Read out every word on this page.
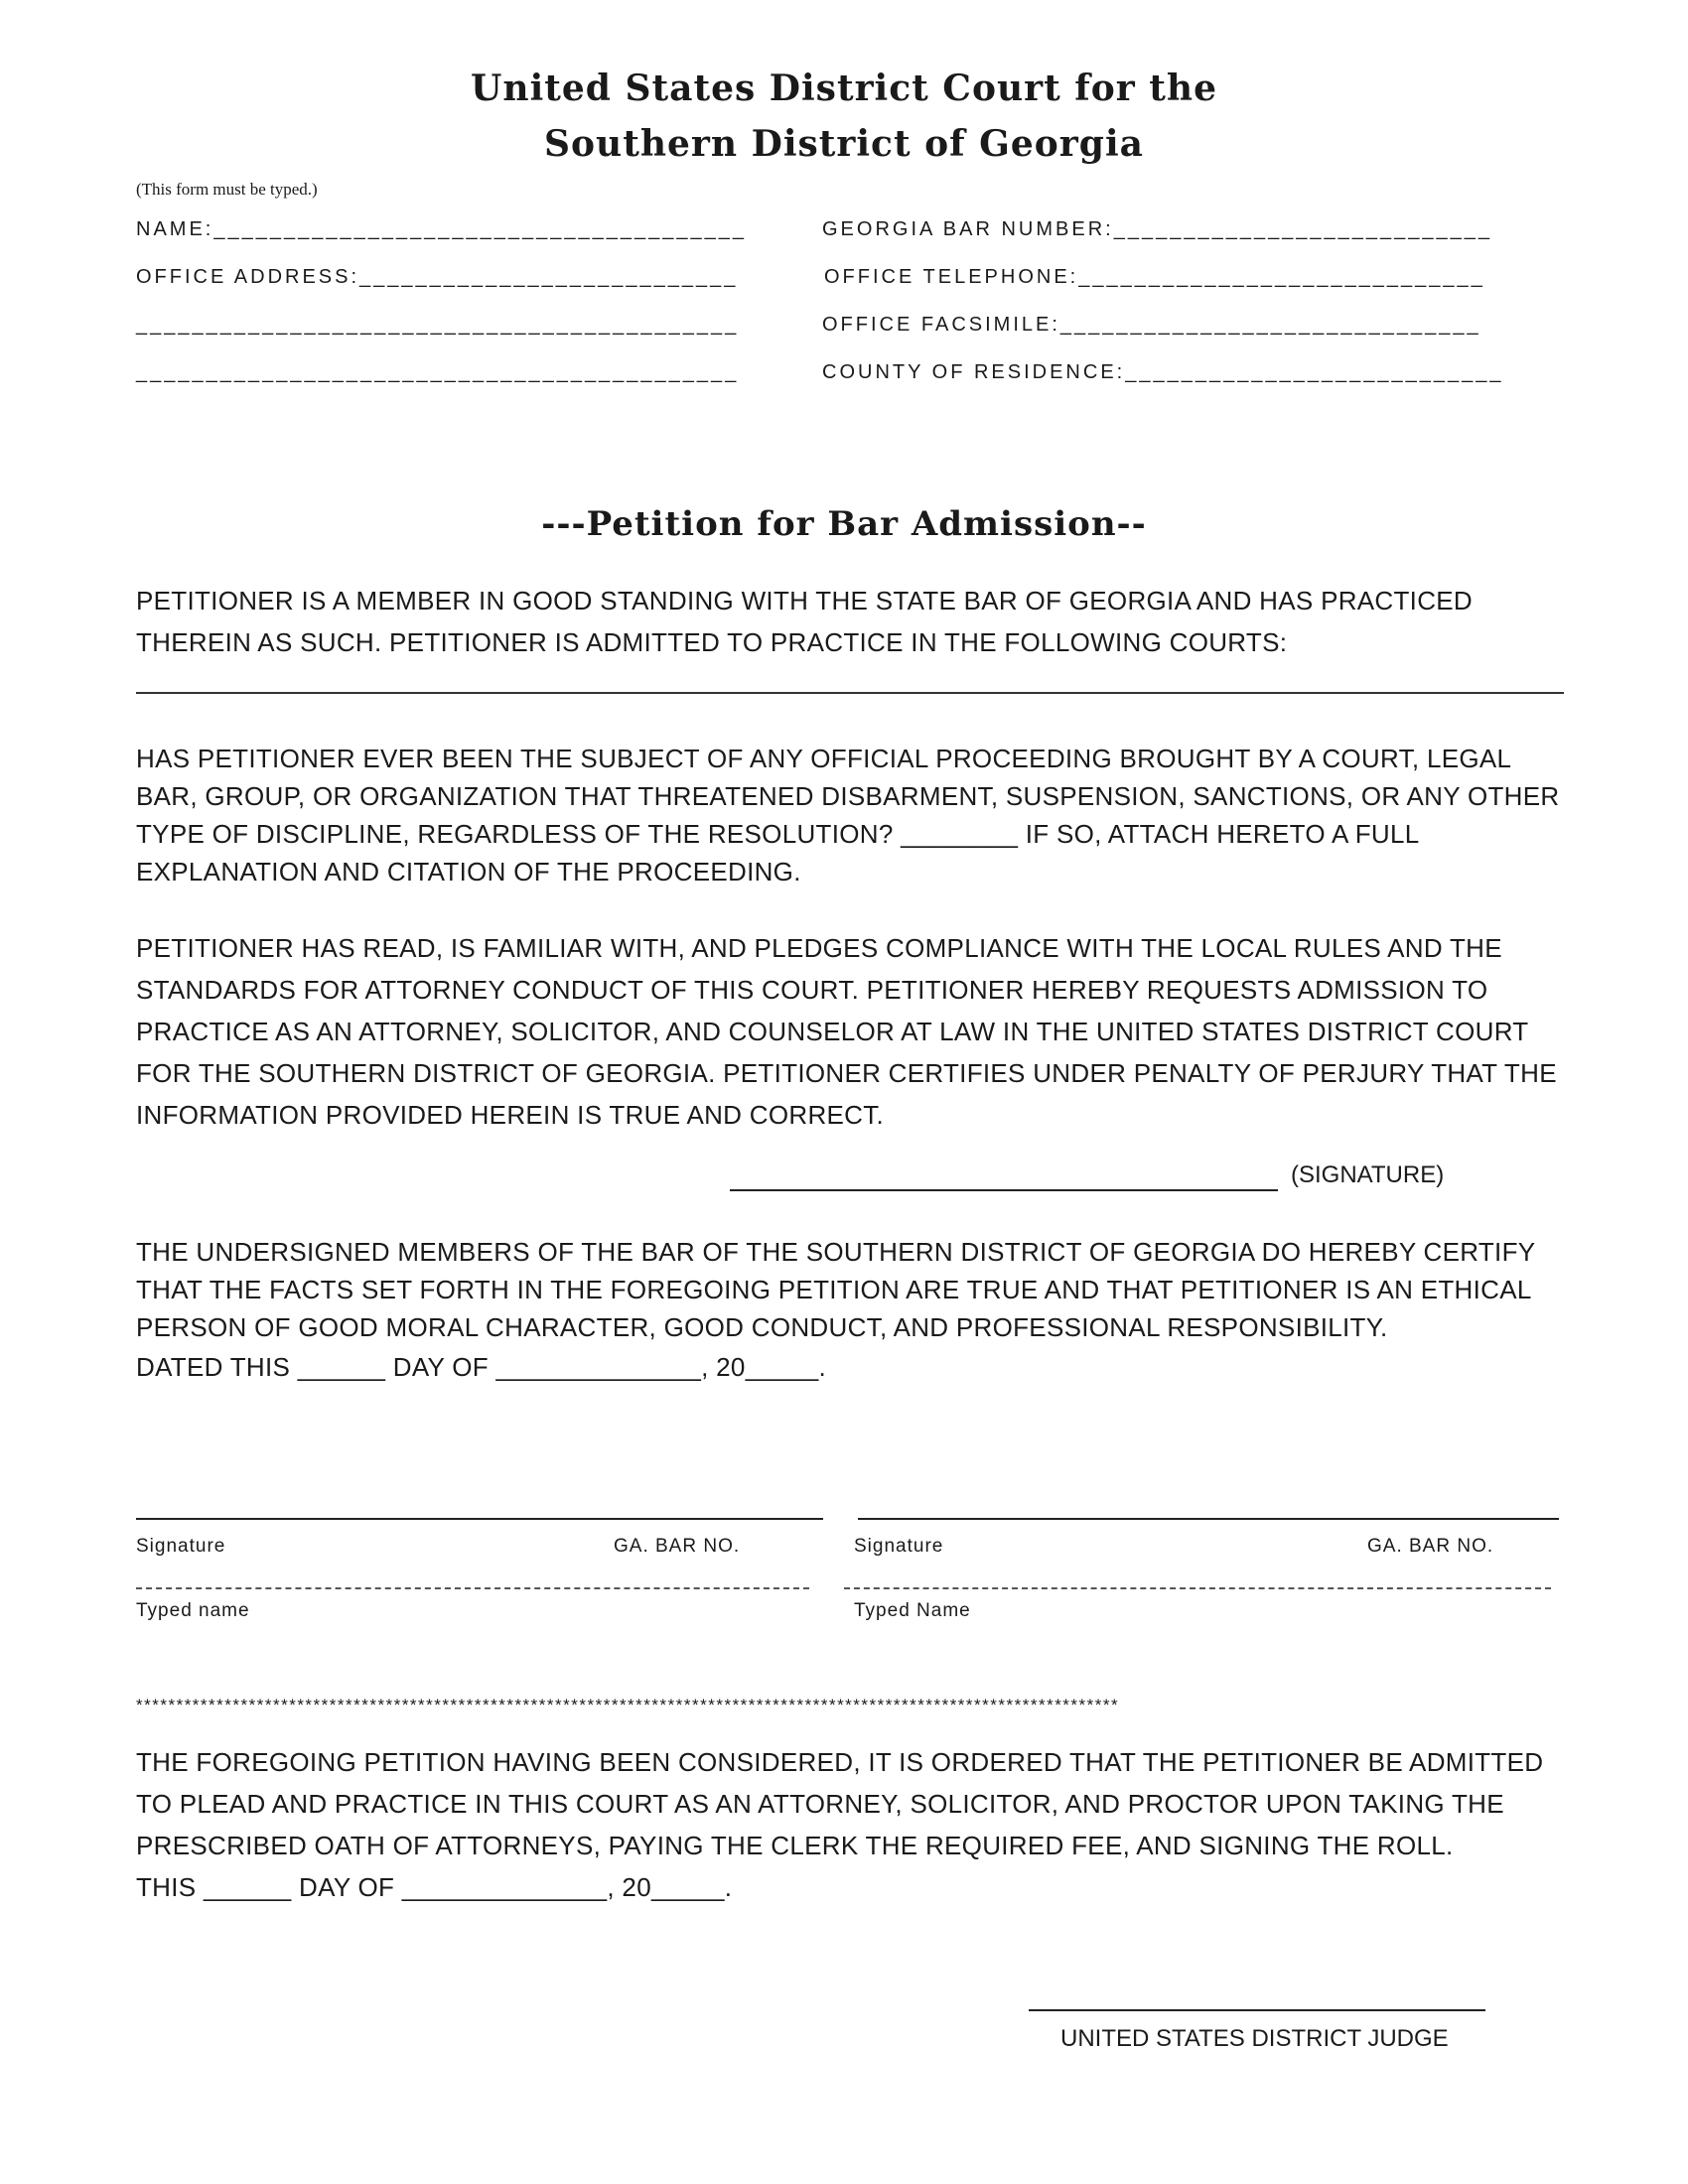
United States District Court for the
Southern District of Georgia
(This form must be typed.)
NAME:______________________________________	GEORGIA BAR NUMBER:___________________________
OFFICE ADDRESS:___________________________	OFFICE TELEPHONE:_____________________________
___________________________________________	OFFICE FACSIMILE:______________________________
___________________________________________	COUNTY OF RESIDENCE:___________________________
---Petition for Bar Admission--
PETITIONER IS A MEMBER IN GOOD STANDING WITH THE STATE BAR OF GEORGIA AND HAS PRACTICED THEREIN AS SUCH. PETITIONER IS ADMITTED TO PRACTICE IN THE FOLLOWING COURTS:
HAS PETITIONER EVER BEEN THE SUBJECT OF ANY OFFICIAL PROCEEDING BROUGHT BY A COURT, LEGAL BAR, GROUP, OR ORGANIZATION THAT THREATENED DISBARMENT, SUSPENSION, SANCTIONS, OR ANY OTHER TYPE OF DISCIPLINE, REGARDLESS OF THE RESOLUTION? ________ IF SO, ATTACH HERETO A FULL EXPLANATION AND CITATION OF THE PROCEEDING.
PETITIONER HAS READ, IS FAMILIAR WITH, AND PLEDGES COMPLIANCE WITH THE LOCAL RULES AND THE STANDARDS FOR ATTORNEY CONDUCT OF THIS COURT. PETITIONER HEREBY REQUESTS ADMISSION TO PRACTICE AS AN ATTORNEY, SOLICITOR, AND COUNSELOR AT LAW IN THE UNITED STATES DISTRICT COURT FOR THE SOUTHERN DISTRICT OF GEORGIA. PETITIONER CERTIFIES UNDER PENALTY OF PERJURY THAT THE INFORMATION PROVIDED HEREIN IS TRUE AND CORRECT.
(SIGNATURE)
THE UNDERSIGNED MEMBERS OF THE BAR OF THE SOUTHERN DISTRICT OF GEORGIA DO HEREBY CERTIFY THAT THE FACTS SET FORTH IN THE FOREGOING PETITION ARE TRUE AND THAT PETITIONER IS AN ETHICAL PERSON OF GOOD MORAL CHARACTER, GOOD CONDUCT, AND PROFESSIONAL RESPONSIBILITY.
DATED THIS ______ DAY OF ______________, 20_____.
Signature	GA. BAR NO.	Signature	GA. BAR NO.
Typed name	Typed Name
**************************************************************************************************************************
THE FOREGOING PETITION HAVING BEEN CONSIDERED, IT IS ORDERED THAT THE PETITIONER BE ADMITTED TO PLEAD AND PRACTICE IN THIS COURT AS AN ATTORNEY, SOLICITOR, AND PROCTOR UPON TAKING THE PRESCRIBED OATH OF ATTORNEYS, PAYING THE CLERK THE REQUIRED FEE, AND SIGNING THE ROLL.
THIS ______ DAY OF ______________, 20_____.
UNITED STATES DISTRICT JUDGE
